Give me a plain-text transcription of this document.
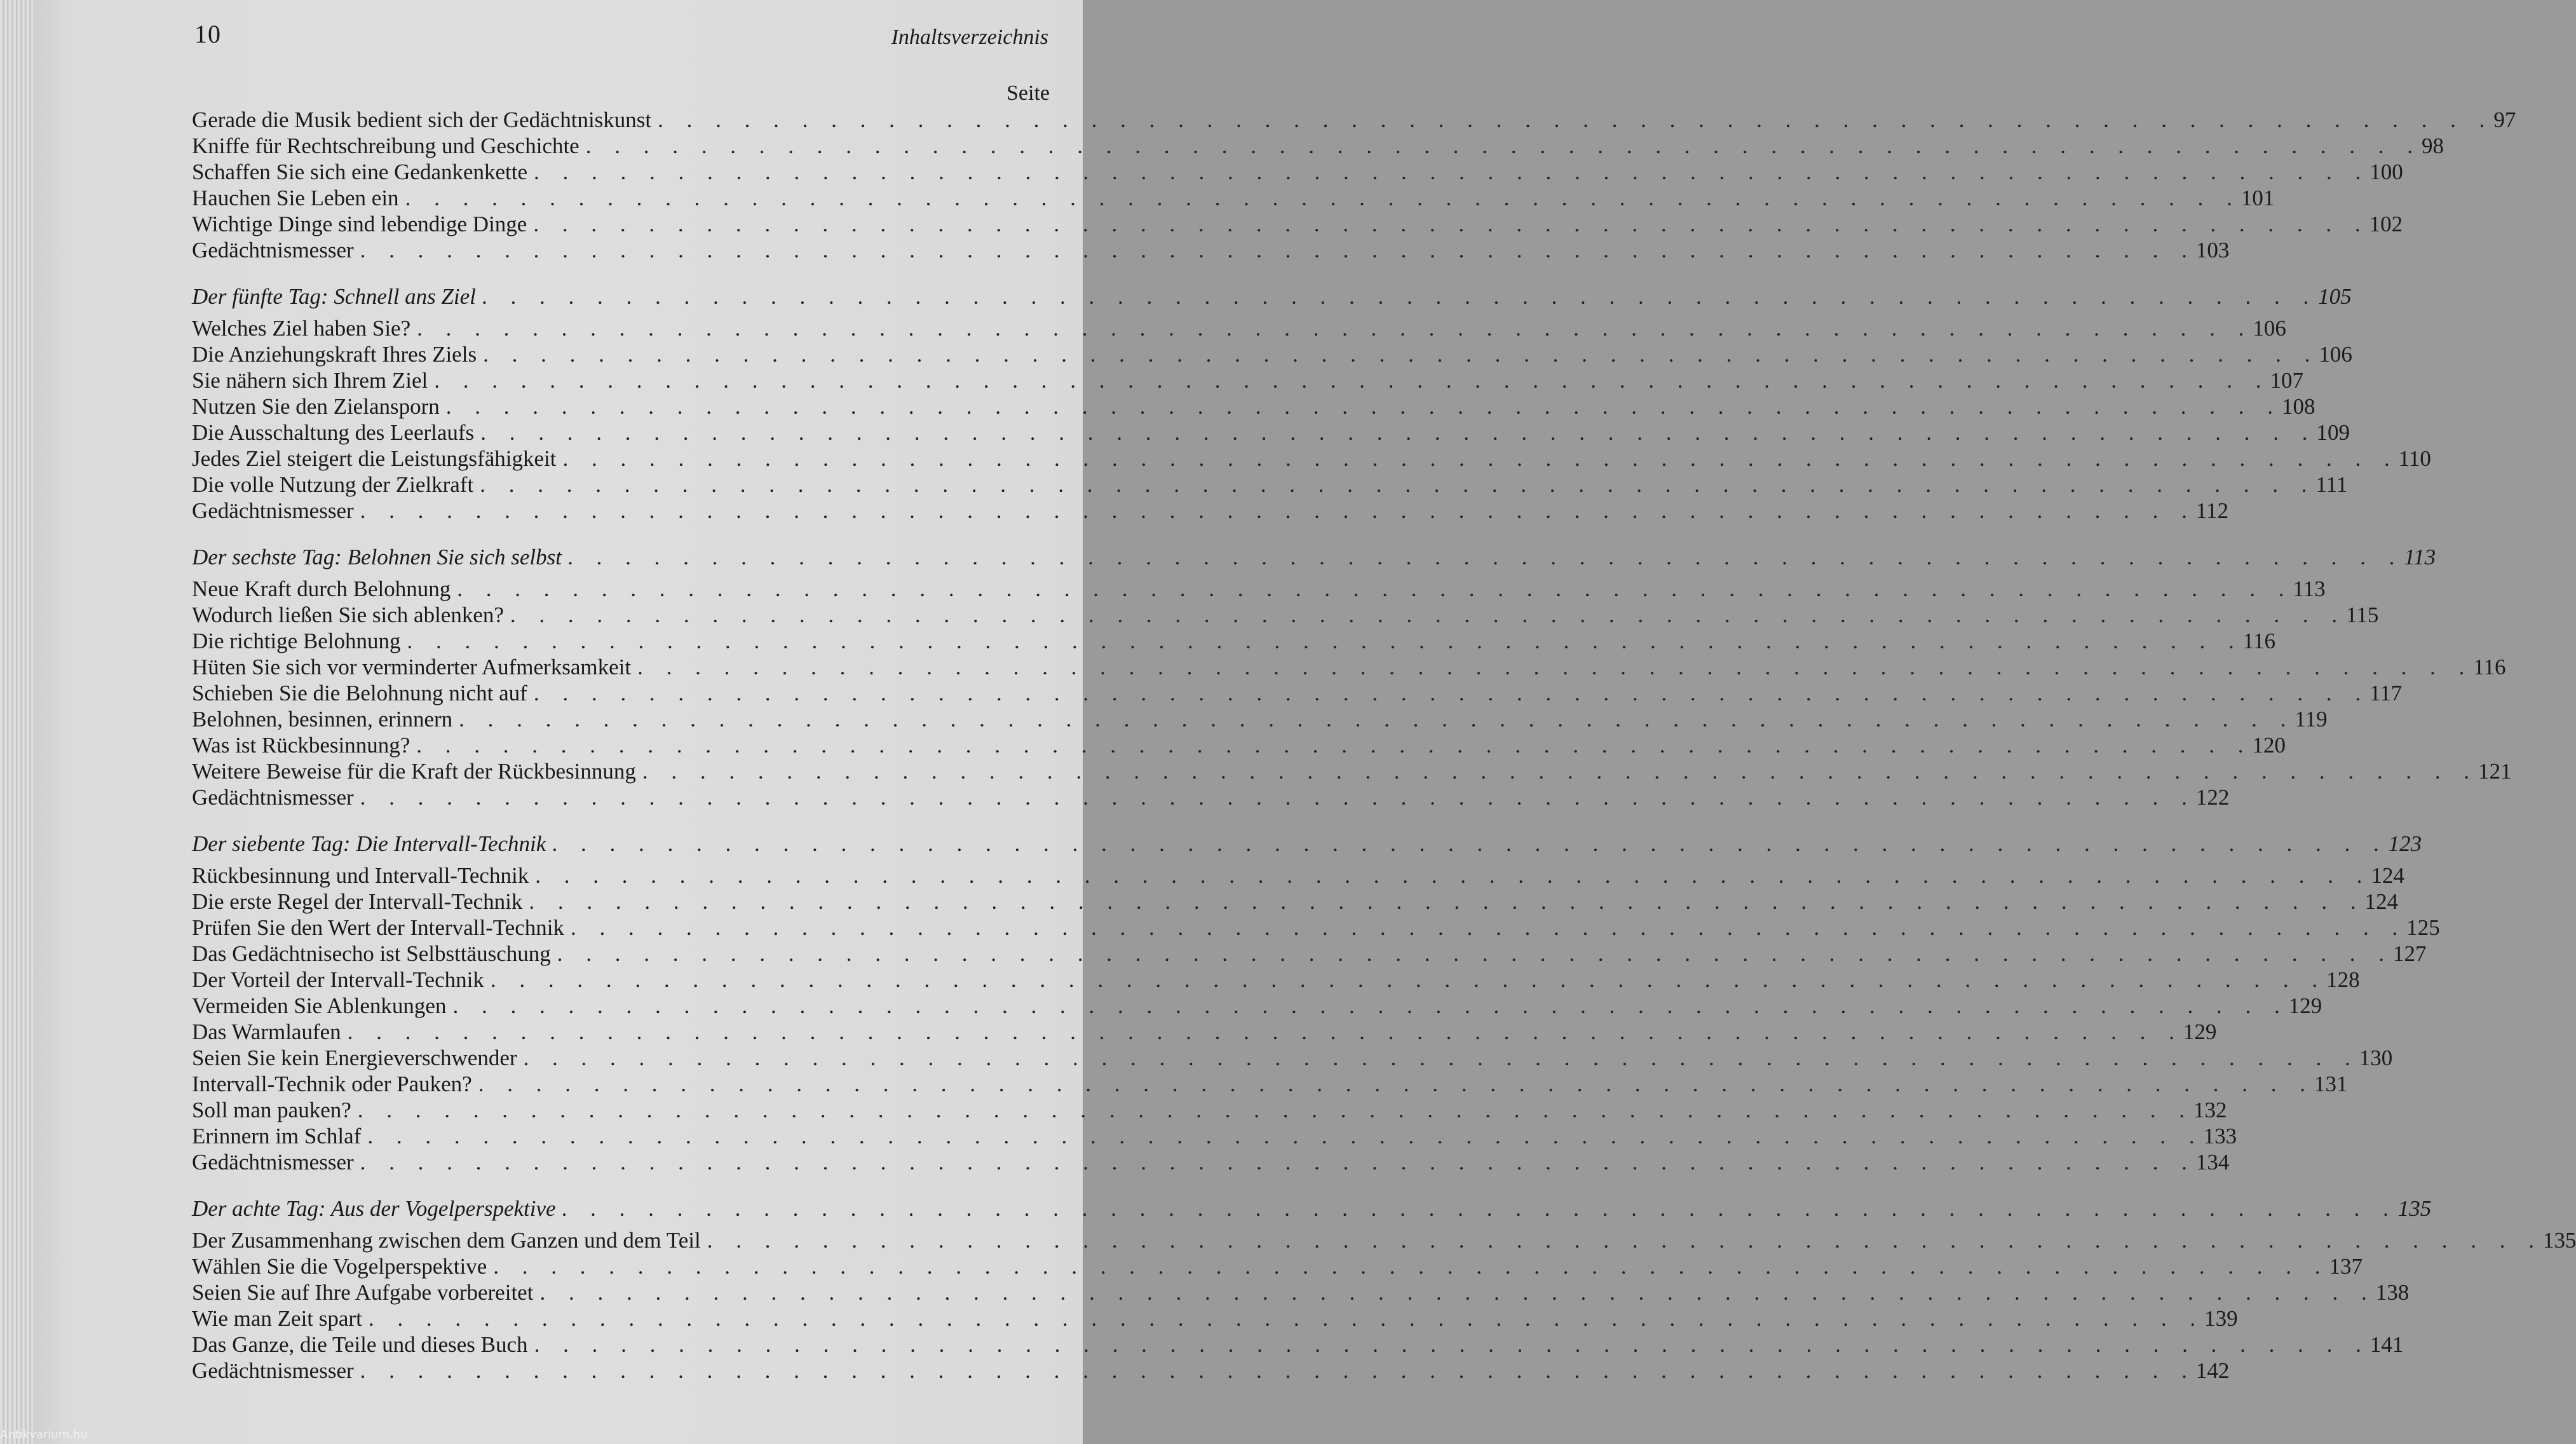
10	Inhaltsverzeichnis
Seite
Gerade die Musik bedient sich der Gedächtniskunst . . . . . . . . . . . . . . . . . . . . . . . . . . . . . . . . . . . . . . . . . . . . . . . . . . . . . . . . . . . . . . . . 97
Kniffe für Rechtschreibung und Geschichte . . . . . . . . . . . . . . . . . . . . . . . . . . . . . . . . . . . . . . . . . . . . . . . . . . . . . . . . . . . . . . . . 98
Schaffen Sie sich eine Gedankenkette . . . . . . . . . . . . . . . . . . . . . . . . . . . . . . . . . . . . . . . . . . . . . . . . . . . . . . . . . . . . . . . . 100
Hauchen Sie Leben ein . . . . . . . . . . . . . . . . . . . . . . . . . . . . . . . . . . . . . . . . . . . . . . . . . . . . . . . . . . . . . . . . 101
Wichtige Dinge sind lebendige Dinge . . . . . . . . . . . . . . . . . . . . . . . . . . . . . . . . . . . . . . . . . . . . . . . . . . . . . . . . . . . . . . . . 102
Gedächtnismesser . . . . . . . . . . . . . . . . . . . . . . . . . . . . . . . . . . . . . . . . . . . . . . . . . . . . . . . . . . . . . . . . 103
Der fünfte Tag: Schnell ans Ziel . . . . . . . . . . . . . . . . . . . . . . . . . . . . . . . . . . . . . . . . . . . . . . . . . . . . . . . . . . . . . . . . 105
Welches Ziel haben Sie? . . . . . . . . . . . . . . . . . . . . . . . . . . . . . . . . . . . . . . . . . . . . . . . . . . . . . . . . . . . . . . . . 106
Die Anziehungskraft Ihres Ziels . . . . . . . . . . . . . . . . . . . . . . . . . . . . . . . . . . . . . . . . . . . . . . . . . . . . . . . . . . . . . . . . 106
Sie nähern sich Ihrem Ziel . . . . . . . . . . . . . . . . . . . . . . . . . . . . . . . . . . . . . . . . . . . . . . . . . . . . . . . . . . . . . . . . 107
Nutzen Sie den Zielansporn . . . . . . . . . . . . . . . . . . . . . . . . . . . . . . . . . . . . . . . . . . . . . . . . . . . . . . . . . . . . . . . . 108
Die Ausschaltung des Leerlaufs . . . . . . . . . . . . . . . . . . . . . . . . . . . . . . . . . . . . . . . . . . . . . . . . . . . . . . . . . . . . . . . . 109
Jedes Ziel steigert die Leistungsfähigkeit . . . . . . . . . . . . . . . . . . . . . . . . . . . . . . . . . . . . . . . . . . . . . . . . . . . . . . . . . . . . . . . . 110
Die volle Nutzung der Zielkraft . . . . . . . . . . . . . . . . . . . . . . . . . . . . . . . . . . . . . . . . . . . . . . . . . . . . . . . . . . . . . . . . 111
Gedächtnismesser . . . . . . . . . . . . . . . . . . . . . . . . . . . . . . . . . . . . . . . . . . . . . . . . . . . . . . . . . . . . . . . . 112
Der sechste Tag: Belohnen Sie sich selbst . . . . . . . . . . . . . . . . . . . . . . . . . . . . . . . . . . . . . . . . . . . . . . . . . . . . . . . . . . . . . . . . 113
Neue Kraft durch Belohnung . . . . . . . . . . . . . . . . . . . . . . . . . . . . . . . . . . . . . . . . . . . . . . . . . . . . . . . . . . . . . . . . 113
Wodurch ließen Sie sich ablenken? . . . . . . . . . . . . . . . . . . . . . . . . . . . . . . . . . . . . . . . . . . . . . . . . . . . . . . . . . . . . . . . . 115
Die richtige Belohnung . . . . . . . . . . . . . . . . . . . . . . . . . . . . . . . . . . . . . . . . . . . . . . . . . . . . . . . . . . . . . . . . 116
Hüten Sie sich vor verminderter Aufmerksamkeit . . . . . . . . . . . . . . . . . . . . . . . . . . . . . . . . . . . . . . . . . . . . . . . . . . . . . . . . . . . . . . . . 116
Schieben Sie die Belohnung nicht auf . . . . . . . . . . . . . . . . . . . . . . . . . . . . . . . . . . . . . . . . . . . . . . . . . . . . . . . . . . . . . . . . 117
Belohnen, besinnen, erinnern . . . . . . . . . . . . . . . . . . . . . . . . . . . . . . . . . . . . . . . . . . . . . . . . . . . . . . . . . . . . . . . . 119
Was ist Rückbesinnung? . . . . . . . . . . . . . . . . . . . . . . . . . . . . . . . . . . . . . . . . . . . . . . . . . . . . . . . . . . . . . . . . 120
Weitere Beweise für die Kraft der Rückbesinnung . . . . . . . . . . . . . . . . . . . . . . . . . . . . . . . . . . . . . . . . . . . . . . . . . . . . . . . . . . . . . . . . 121
Gedächtnismesser . . . . . . . . . . . . . . . . . . . . . . . . . . . . . . . . . . . . . . . . . . . . . . . . . . . . . . . . . . . . . . . . 122
Der siebente Tag: Die Intervall-Technik . . . . . . . . . . . . . . . . . . . . . . . . . . . . . . . . . . . . . . . . . . . . . . . . . . . . . . . . . . . . . . . . 123
Rückbesinnung und Intervall-Technik . . . . . . . . . . . . . . . . . . . . . . . . . . . . . . . . . . . . . . . . . . . . . . . . . . . . . . . . . . . . . . . . 124
Die erste Regel der Intervall-Technik . . . . . . . . . . . . . . . . . . . . . . . . . . . . . . . . . . . . . . . . . . . . . . . . . . . . . . . . . . . . . . . . 124
Prüfen Sie den Wert der Intervall-Technik . . . . . . . . . . . . . . . . . . . . . . . . . . . . . . . . . . . . . . . . . . . . . . . . . . . . . . . . . . . . . . . . 125
Das Gedächtnisecho ist Selbsttäuschung . . . . . . . . . . . . . . . . . . . . . . . . . . . . . . . . . . . . . . . . . . . . . . . . . . . . . . . . . . . . . . . . 127
Der Vorteil der Intervall-Technik . . . . . . . . . . . . . . . . . . . . . . . . . . . . . . . . . . . . . . . . . . . . . . . . . . . . . . . . . . . . . . . . 128
Vermeiden Sie Ablenkungen . . . . . . . . . . . . . . . . . . . . . . . . . . . . . . . . . . . . . . . . . . . . . . . . . . . . . . . . . . . . . . . . 129
Das Warmlaufen . . . . . . . . . . . . . . . . . . . . . . . . . . . . . . . . . . . . . . . . . . . . . . . . . . . . . . . . . . . . . . . . 129
Seien Sie kein Energieverschwender . . . . . . . . . . . . . . . . . . . . . . . . . . . . . . . . . . . . . . . . . . . . . . . . . . . . . . . . . . . . . . . . 130
Intervall-Technik oder Pauken? . . . . . . . . . . . . . . . . . . . . . . . . . . . . . . . . . . . . . . . . . . . . . . . . . . . . . . . . . . . . . . . . 131
Soll man pauken? . . . . . . . . . . . . . . . . . . . . . . . . . . . . . . . . . . . . . . . . . . . . . . . . . . . . . . . . . . . . . . . . 132
Erinnern im Schlaf . . . . . . . . . . . . . . . . . . . . . . . . . . . . . . . . . . . . . . . . . . . . . . . . . . . . . . . . . . . . . . . . 133
Gedächtnismesser . . . . . . . . . . . . . . . . . . . . . . . . . . . . . . . . . . . . . . . . . . . . . . . . . . . . . . . . . . . . . . . . 134
Der achte Tag: Aus der Vogelperspektive . . . . . . . . . . . . . . . . . . . . . . . . . . . . . . . . . . . . . . . . . . . . . . . . . . . . . . . . . . . . . . . . 135
Der Zusammenhang zwischen dem Ganzen und dem Teil . . . . . . . . . . . . . . . . . . . . . . . . . . . . . . . . . . . . . . . . . . . . . . . . . . . . . . . . . . . . . . . . 135
Wählen Sie die Vogelperspektive . . . . . . . . . . . . . . . . . . . . . . . . . . . . . . . . . . . . . . . . . . . . . . . . . . . . . . . . . . . . . . . . 137
Seien Sie auf Ihre Aufgabe vorbereitet . . . . . . . . . . . . . . . . . . . . . . . . . . . . . . . . . . . . . . . . . . . . . . . . . . . . . . . . . . . . . . . . 138
Wie man Zeit spart . . . . . . . . . . . . . . . . . . . . . . . . . . . . . . . . . . . . . . . . . . . . . . . . . . . . . . . . . . . . . . . . 139
Das Ganze, die Teile und dieses Buch . . . . . . . . . . . . . . . . . . . . . . . . . . . . . . . . . . . . . . . . . . . . . . . . . . . . . . . . . . . . . . . . 141
Gedächtnismesser . . . . . . . . . . . . . . . . . . . . . . . . . . . . . . . . . . . . . . . . . . . . . . . . . . . . . . . . . . . . . . . . 142
Antikvarium.hu
